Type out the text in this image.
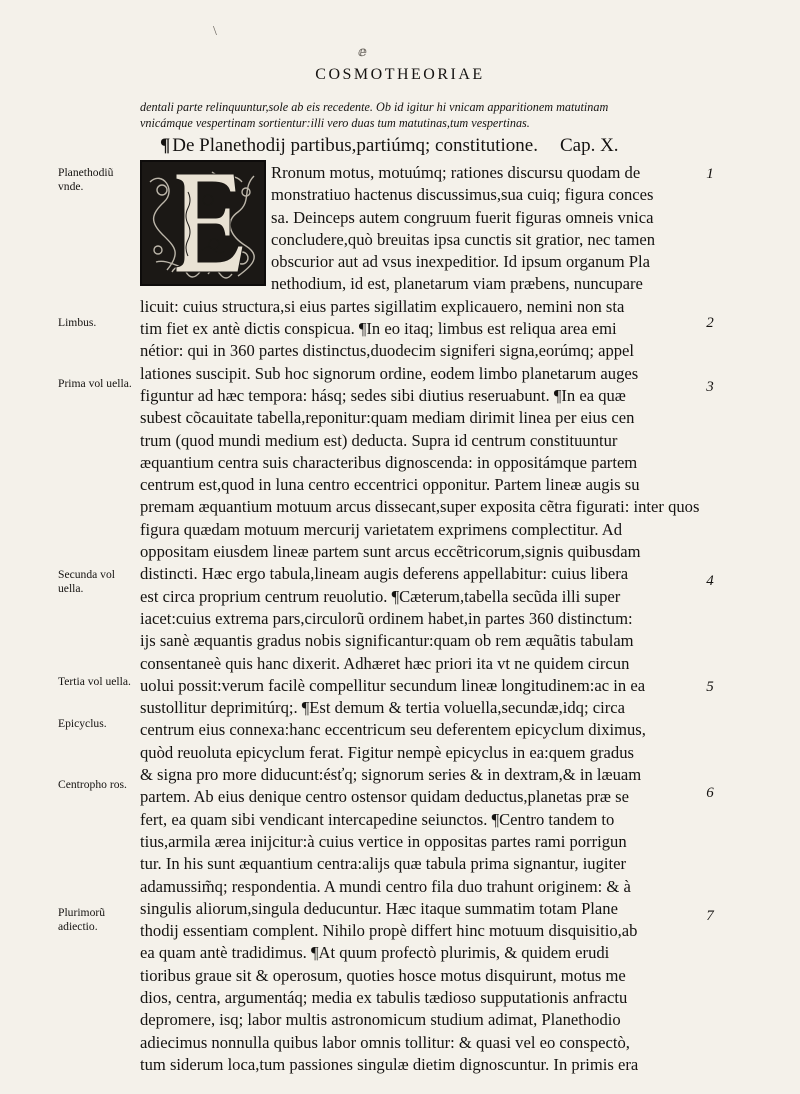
\
ⅇ
COSMOTHEORIAE
dentali parte relinquuntur,sole ab eis recedente. Ob id igitur hi vnicam apparitionem matutinam
vnicámque vespertinam sortientur:illi vero duas tum matutinas,tum vespertinas.
¶ De Planethodij partibus,partiúmq; constitutione. Cap. X.
Rronum motus, motuúmq; rationes discursu quodam de
monstratiuo hactenus discussimus,sua cuiq; figura conces
sa. Deinceps autem congruum fuerit figuras omneis vnica
concludere,quò breuitas ipsa cunctis sit gratior, nec tamen
obscurior aut ad vsus inexpeditior. Id ipsum organum Pla
nethodium, id est, planetarum viam præbens, nuncupare
licuit: cuius structura,si eius partes sigillatim explicauero, nemini non sta
tim fiet ex antè dictis conspicua. ¶In eo itaq; limbus est reliqua area emi
nétior: qui in 360 partes distinctus,duodecim signiferi signa,eorúmq; appel
lationes suscipit. Sub hoc signorum ordine, eodem limbo planetarum auges
figuntur ad hæc tempora: hásq; sedes sibi diutius reseruabunt. ¶In ea quæ
subest cõcauitate tabella,reponitur:quam mediam dirimit linea per eius cen
trum (quod mundi medium est) deducta. Supra id centrum constituuntur
æquantium centra suis characteribus dignoscenda: in oppositámque partem
centrum est,quod in luna centro eccentrici opponitur. Partem lineæ augis su
premam æquantium motuum arcus dissecant,super exposita cẽtra figurati: inter quos
figura quædam motuum mercurij varietatem exprimens complectitur. Ad
oppositam eiusdem lineæ partem sunt arcus eccẽtricorum,signis quibusdam
distincti. Hæc ergo tabula,lineam augis deferens appellabitur: cuius libera
est circa proprium centrum reuolutio. ¶Cæterum,tabella secũda illi super
iacet:cuius extrema pars,circulorũ ordinem habet,in partes 360 distinctum:
ijs sanè æquantis gradus nobis significantur:quam ob rem æquãtis tabulam
consentaneè quis hanc dixerit. Adhæret hæc priori ita vt ne quidem circun
uolui possit:verum facilè compellitur secundum lineæ longitudinem:ac in ea
sustollitur deprimitúrq;. ¶Est demum & tertia voluella,secundæ,idq; circa
centrum eius connexa:hanc eccentricum seu deferentem epicyclum diximus,
quòd reuoluta epicyclum ferat. Figitur nempè epicyclus in ea:quem gradus
& signa pro more diducunt:ésťq; signorum series & in dextram,& in læuam
partem. Ab eius denique centro ostensor quidam deductus,planetas præ se
fert, ea quam sibi vendicant intercapedine seiunctos. ¶Centro tandem to
tius,armila ærea inijcitur:à cuius vertice in oppositas partes rami porrigun
tur. In his sunt æquantium centra:alijs quæ tabula prima signantur, iugiter
adamussim̃q; respondentia. A mundi centro fila duo trahunt originem: & à
singulis aliorum,singula deducuntur. Hæc itaque summatim totam Plane
thodij essentiam complent. Nihilo propè differt hinc motuum disquisitio,ab
ea quam antè tradidimus. ¶At quum profectò plurimis, & quidem erudi
tioribus graue sit & operosum, quoties hosce motus disquirunt, motus me
dios, centra, argumentáq; media ex tabulis tædioso supputationis anfractu
depromere, isq; labor multis astronomicum studium adimat, Planethodio
adiecimus nonnulla quibus labor omnis tollitur: & quasi vel eo conspectò,
tum siderum loca,tum passiones singulæ dietim dignoscuntur. In primis era
Planethodiũ vnde.
Limbus.
Prima vol uella.
Secunda vol uella.
Tertia vol uella.
Epicyclus.
Centropho ros.
Plurimorũ adiectio.
1
2
3
4
5
6
7
